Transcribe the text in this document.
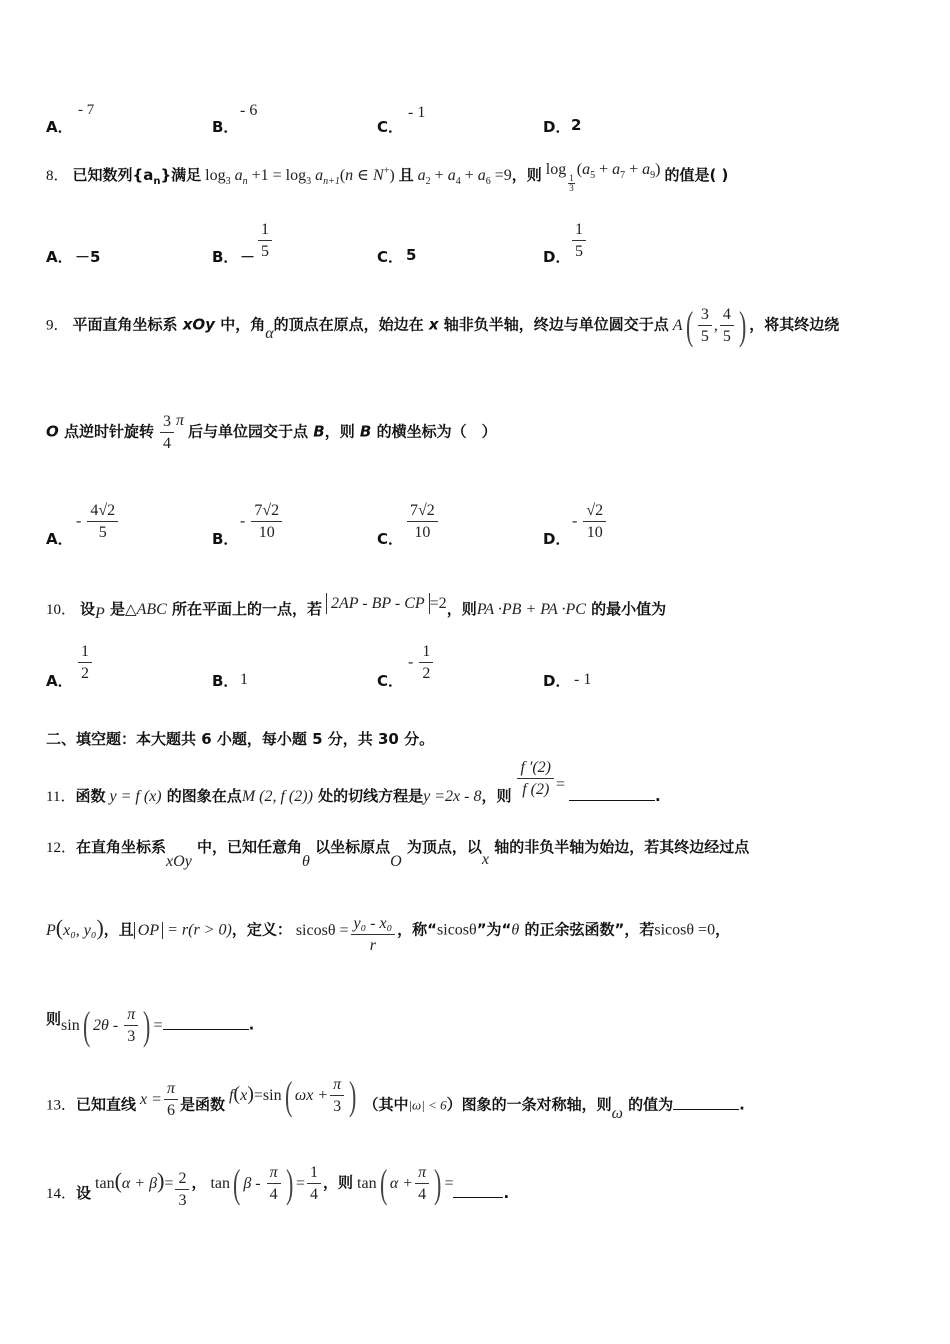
A．
- 7
B．
- 6
C．
- 1
D． 2
8． 已知数列$\{a_n\}$满足 $\log_3 a_n +1 = \log_3 a_{n+1}(n$ ∈ N+) 且 $a_2 + a_4 + a_6 =9$，则 log
$_{\frac{1}{3}}$
$(a_5 + a_7 + a_9)$ 的值是( )
A． －5	B． － $\frac{1}{5}$	C． 5	D． $\frac{1}{5}$
9． 平面直角坐标系 xOy 中，角α的顶点在原点，始边在 x 轴非负半轴，终边与单位圆交于点 $A( \frac{3}{5}$ , $\frac{4}{5}$ ) ，将其终边绕
O 点逆时针旋转 $\frac{3}{4}$ π 后与单位园交于点 B，则 B 的横坐标为（　）
A．
- $\frac{4√2}{5}$	B．
- $\frac{7√2}{10}$	C． $\frac{7√2}{10}$	D．
- $\frac{√2}{10}$
10． 设P 是△ABC 所在平面上的一点，若 2AP - BP - CP =2，则PA ·PB + PA ·PC 的最小值为
A． $\frac{1}{2}$	B． 1	C．
- $\frac{1}{2}$	D． - 1
二、填空题：本大题共 6 小题，每小题 5 分，共 30 分。
11．函数 y = f (x) 的图象在点M (2, f (2)) 处的切线方程是y =2x - 8，则 $\frac{f '(2)}{f (2)}$ = .
12．在直角坐标系xOy 中，已知任意角θ 以坐标原点O 为顶点，以x 轴的非负半轴为始边，若其终边经过点
P(x₀, y₀)，且 OP = r(r > 0)，定义： $sicos\theta = \frac{\text{y₀ - x₀}}{r}$ ，称“sicosθ”为“θ 的正余弦函数”，若sicosθ =0，
则sin( $2\theta - \frac{\pi}{3}$ ) =	.
13．已知直线 $x = \frac{\pi}{6}$ 是函数 f(x)=sin( $\omega x + \frac{\pi}{3}$ ) （其中|ω| < 6）图象的一条对称轴，则ω 的值为	.
14．设 $\tan(\alpha + \beta)= \frac{2}{3}$ ， tan( β - $\frac{\pi}{4}$ ) = $\frac{1}{4}$ ，则 tan( $\alpha + \frac{\pi}{4}$ ) =.
